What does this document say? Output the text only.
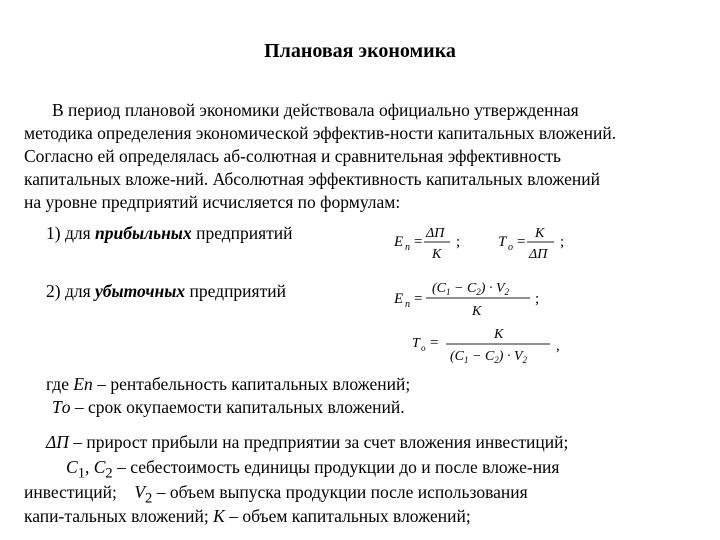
Плановая экономика
В период плановой экономики действовала официально утвержденная
методика определения экономической эффектив-ности капитальных вложений.
Согласно ей определялась аб-солютная и сравнительная эффективность
капитальных вложе-ний. Абсолютная эффективность капитальных вложений
на уровне предприятий исчисляется по формулам:
1) для прибыльных предприятий	E п =
ΔП
K
;	T о =
K
ΔП
;
2) для убыточных предприятий	E п =
$(C_1 - C_2) \cdot V_2$
K
;
T о =
K
$(C_1 - C_2) \cdot V_2$
,
где Eп – рентабельность капитальных вложений;
Tо – срок окупаемости капитальных вложений.
ΔП – прирост прибыли на предприятии за счет вложения инвестиций;
$C_1$, $C_2$ – себестоимость единицы продукции до и после вложе-ния
инвестиций;    $V_2$ – объем выпуска продукции после использования
капи-тальных вложений; K – объем капитальных вложений;
